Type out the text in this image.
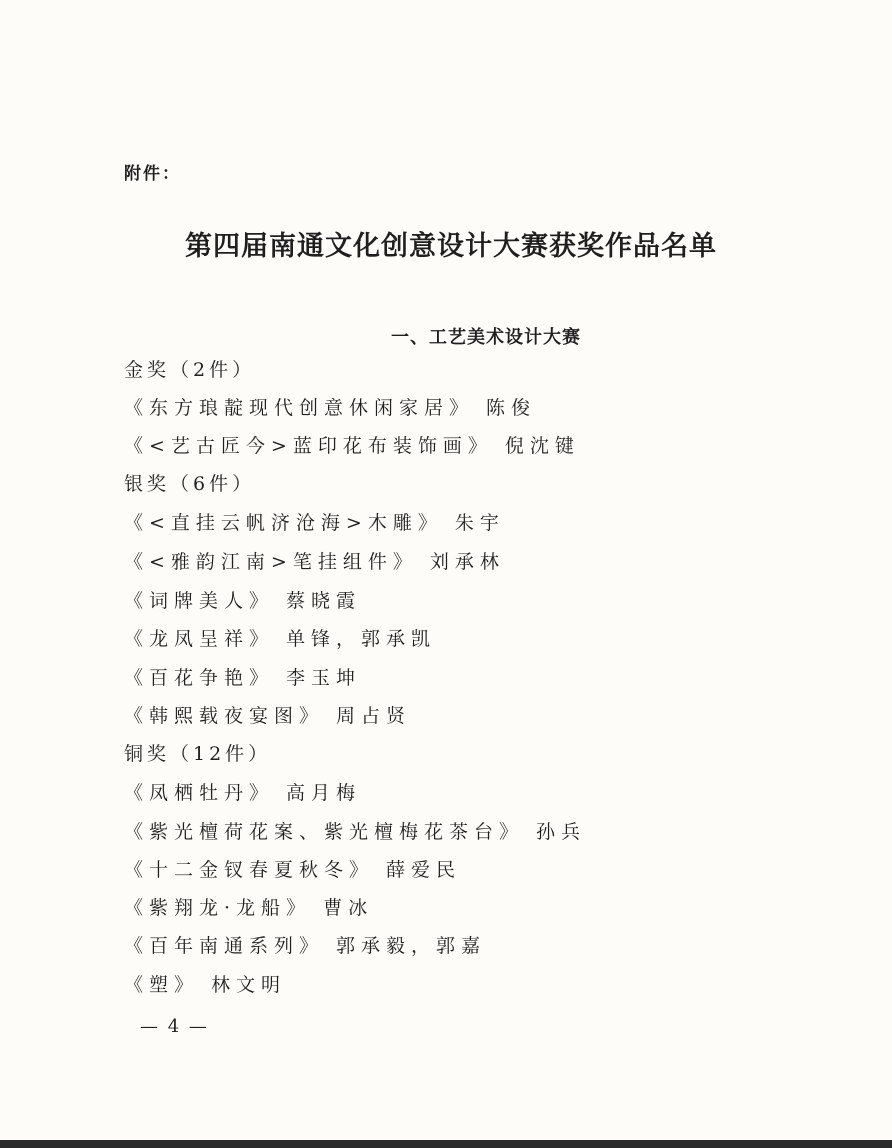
附件：
第四届南通文化创意设计大赛获奖作品名单
一、工艺美术设计大赛
金奖（2件）
《东方琅靛现代创意休闲家居》 陈俊
《<艺古匠今>蓝印花布装饰画》 倪沈键
银奖（6件）
《<直挂云帆济沧海>木雕》 朱宇
《<雅韵江南>笔挂组件》 刘承林
《词牌美人》 蔡晓霞
《龙凤呈祥》 单锋，郭承凯
《百花争艳》 李玉坤
《韩熙载夜宴图》 周占贤
铜奖（12件）
《凤栖牡丹》 高月梅
《紫光檀荷花案、紫光檀梅花茶台》 孙兵
《十二金钗春夏秋冬》 薛爱民
《紫翔龙·龙船》 曹冰
《百年南通系列》 郭承毅，郭嘉
《塑》 林文明
— 4 —
